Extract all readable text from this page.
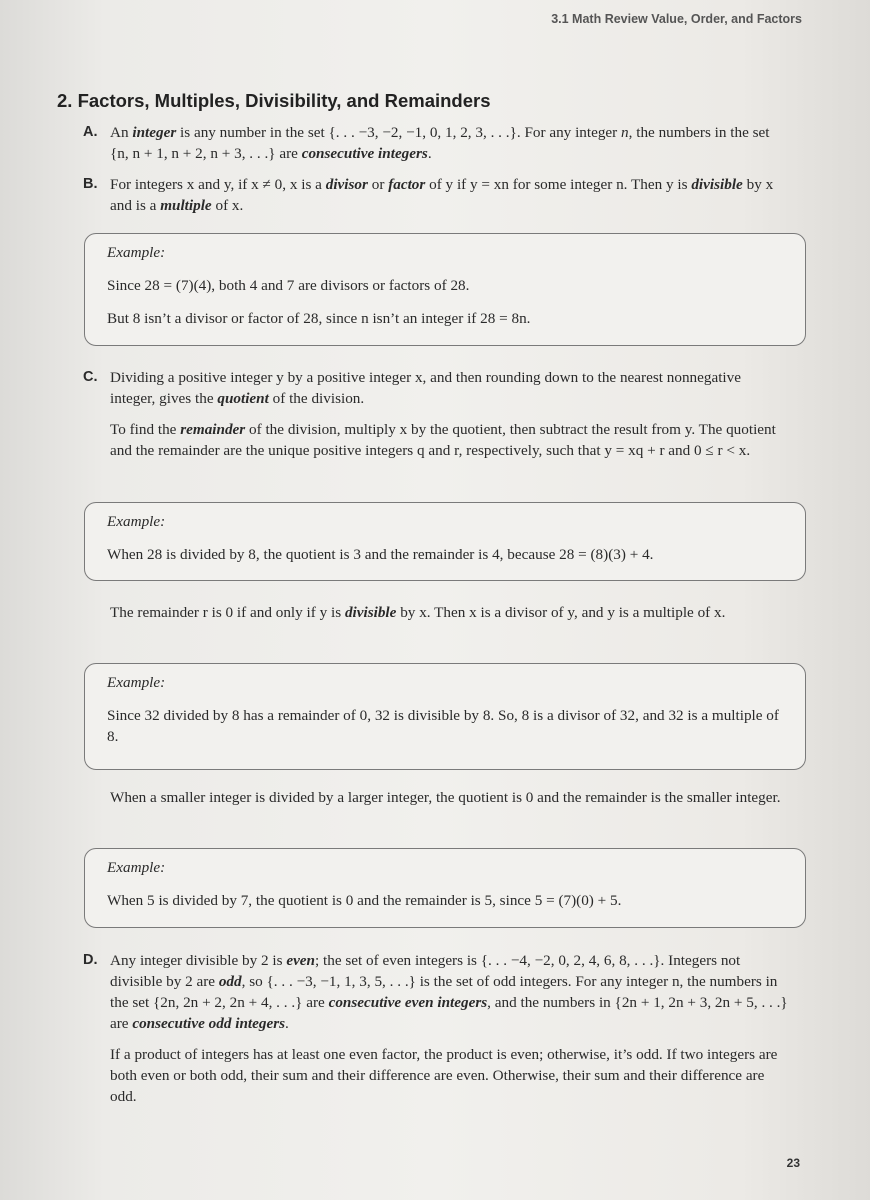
3.1 Math Review Value, Order, and Factors
2. Factors, Multiples, Divisibility, and Remainders
A. An integer is any number in the set {. . . −3, −2, −1, 0, 1, 2, 3, . . .}. For any integer n, the numbers in the set {n, n + 1, n + 2, n + 3, . . .} are consecutive integers.

B. For integers x and y, if x ≠ 0, x is a divisor or factor of y if y = xn for some integer n. Then y is divisible by x and is a multiple of x.

Example:

Since 28 = (7)(4), both 4 and 7 are divisors or factors of 28.

But 8 isn’t a divisor or factor of 28, since n isn’t an integer if 28 = 8n.

C. Dividing a positive integer y by a positive integer x, and then rounding down to the nearest nonnegative integer, gives the quotient of the division.

To find the remainder of the division, multiply x by the quotient, then subtract the result from y. The quotient and the remainder are the unique positive integers q and r, respectively, such that y = xq + r and 0 ≤ r < x.

Example:

When 28 is divided by 8, the quotient is 3 and the remainder is 4, because 28 = (8)(3) + 4.

The remainder r is 0 if and only if y is divisible by x. Then x is a divisor of y, and y is a multiple of x.

Example:

Since 32 divided by 8 has a remainder of 0, 32 is divisible by 8. So, 8 is a divisor of 32, and 32 is a multiple of 8.

When a smaller integer is divided by a larger integer, the quotient is 0 and the remainder is the smaller integer.

Example:

When 5 is divided by 7, the quotient is 0 and the remainder is 5, since 5 = (7)(0) + 5.

D. Any integer divisible by 2 is even; the set of even integers is {. . . −4, −2, 0, 2, 4, 6, 8, . . .}. Integers not divisible by 2 are odd, so {. . . −3, −1, 1, 3, 5, . . .} is the set of odd integers. For any integer n, the numbers in the set {2n, 2n + 2, 2n + 4, . . .} are consecutive even integers, and the numbers in {2n + 1, 2n + 3, 2n + 5, . . .} are consecutive odd integers.

If a product of integers has at least one even factor, the product is even; otherwise, it’s odd. If two integers are both even or both odd, their sum and their difference are even. Otherwise, their sum and their difference are odd.

23
